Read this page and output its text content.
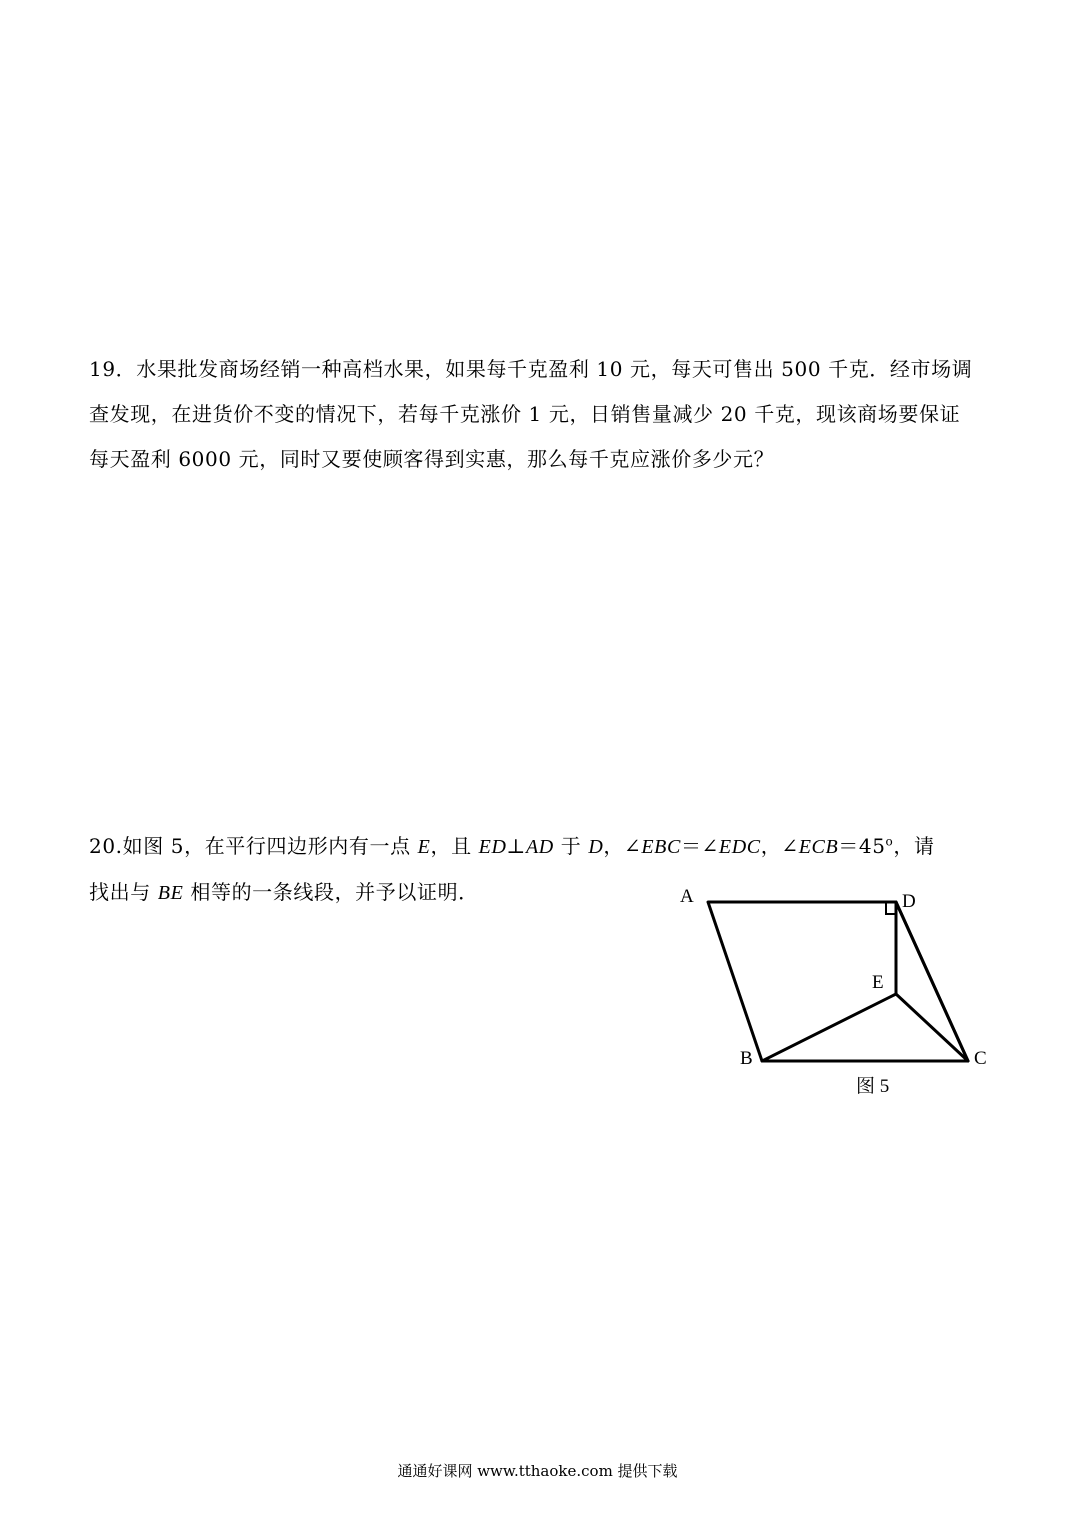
19．水果批发商场经销一种高档水果，如果每千克盈利 10 元，每天可售出 500 千克．经市场调
查发现，在进货价不变的情况下，若每千克涨价 1 元，日销售量减少 20 千克，现该商场要保证
每天盈利 6000 元，同时又要使顾客得到实惠，那么每千克应涨价多少元？
20.如图 5，在平行四边形内有一点 E，且 ED⊥AD 于 D，∠EBC＝∠EDC，$\angle ECB=45^o$，请
找出与 BE 相等的一条线段，并予以证明．	A	D
E
B	C
图 5
通通好课网 www.tthaoke.com 提供下载
